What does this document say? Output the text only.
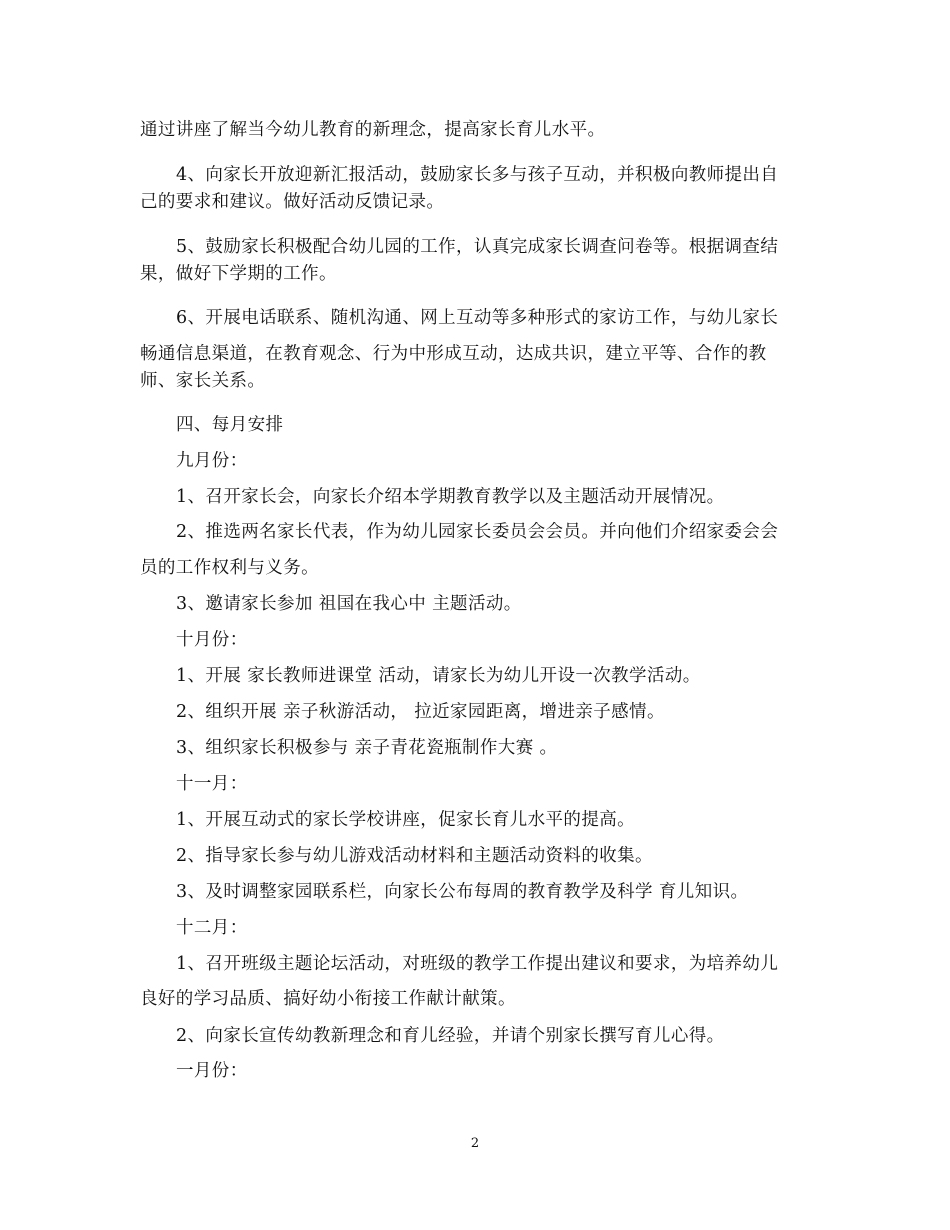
通过讲座了解当今幼儿教育的新理念，提高家长育儿水平。
4、向家长开放迎新汇报活动，鼓励家长多与孩子互动，并积极向教师提出自
己的要求和建议。做好活动反馈记录。
5、鼓励家长积极配合幼儿园的工作，认真完成家长调查问卷等。根据调查结
果，做好下学期的工作。
6、开展电话联系、随机沟通、网上互动等多种形式的家访工作，与幼儿家长
畅通信息渠道，在教育观念、行为中形成互动，达成共识，建立平等、合作的教
师、家长关系。
四、每月安排
九月份：
1、召开家长会，向家长介绍本学期教育教学以及主题活动开展情况。
2、推选两名家长代表，作为幼儿园家长委员会会员。并向他们介绍家委会会
员的工作权利与义务。
3、邀请家长参加 祖国在我心中 主题活动。
十月份：
1、开展 家长教师进课堂 活动，请家长为幼儿开设一次教学活动。
2、组织开展 亲子秋游活动， 拉近家园距离，增进亲子感情。
3、组织家长积极参与 亲子青花瓷瓶制作大赛 。
十一月：
1、开展互动式的家长学校讲座，促家长育儿水平的提高。
2、指导家长参与幼儿游戏活动材料和主题活动资料的收集。
3、及时调整家园联系栏，向家长公布每周的教育教学及科学 育儿知识。
十二月：
1、召开班级主题论坛活动，对班级的教学工作提出建议和要求，为培养幼儿
良好的学习品质、搞好幼小衔接工作献计献策。
2、向家长宣传幼教新理念和育儿经验，并请个别家长撰写育儿心得。
一月份：
2
